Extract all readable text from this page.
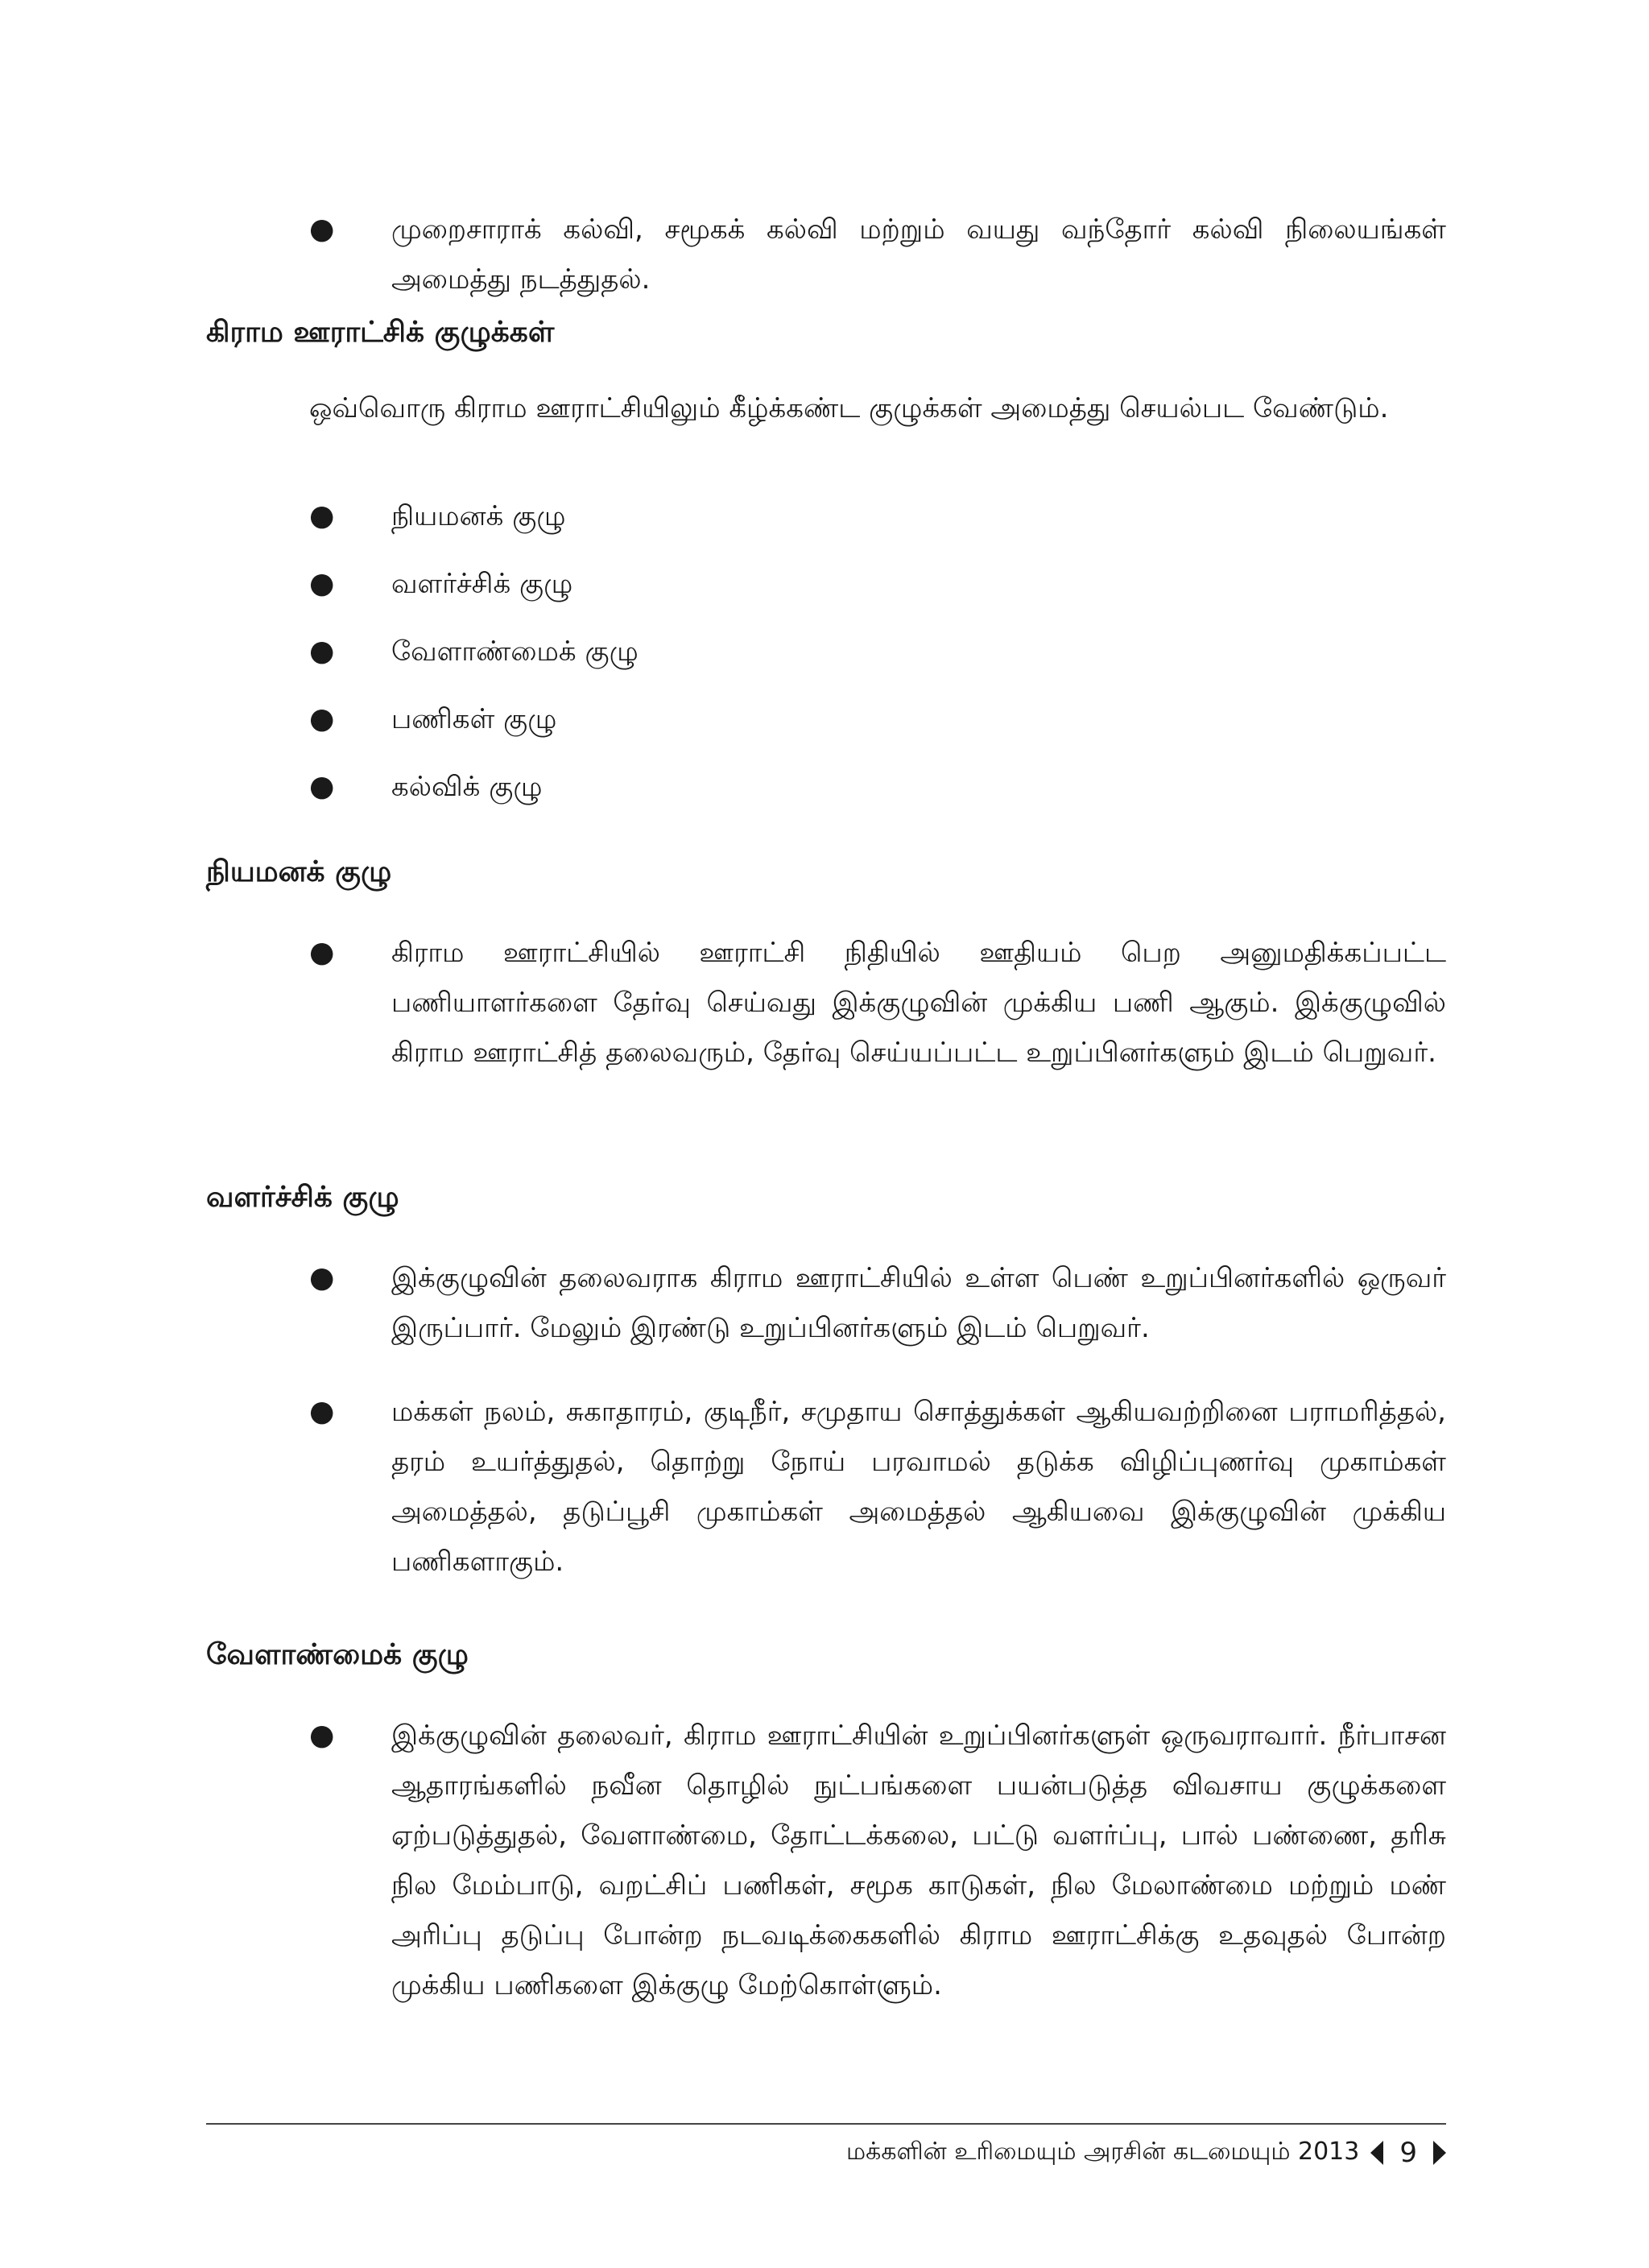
● முறைசாராக் கல்வி, சமூகக் கல்வி மற்றும் வயது வந்தோர் கல்வி நிலையங்கள் அமைத்து நடத்துதல்.
கிராம ஊராட்சிக் குழுக்கள்
ஒவ்வொரு கிராம ஊராட்சியிலும் கீழ்க்கண்ட குழுக்கள் அமைத்து செயல்பட வேண்டும்.
● நியமனக் குழு
● வளர்ச்சிக் குழு
● வேளாண்மைக் குழு
● பணிகள் குழு
● கல்விக் குழு
நியமனக் குழு
● கிராம ஊராட்சியில் ஊராட்சி நிதியில் ஊதியம் பெற அனுமதிக்கப்பட்ட பணியாளர்களை தேர்வு செய்வது இக்குழுவின் முக்கிய பணி ஆகும். இக்குழுவில் கிராம ஊராட்சித் தலைவரும், தேர்வு செய்யப்பட்ட உறுப்பினர்களும் இடம் பெறுவர்.
வளர்ச்சிக் குழு
● இக்குழுவின் தலைவராக கிராம ஊராட்சியில் உள்ள பெண் உறுப்பினர்களில் ஒருவர் இருப்பார். மேலும் இரண்டு உறுப்பினர்களும் இடம் பெறுவர்.
● மக்கள் நலம், சுகாதாரம், குடிநீர், சமுதாய சொத்துக்கள் ஆகியவற்றினை பராமரித்தல், தரம் உயர்த்துதல், தொற்று நோய் பரவாமல் தடுக்க விழிப்புணர்வு முகாம்கள் அமைத்தல், தடுப்பூசி முகாம்கள் அமைத்தல் ஆகியவை இக்குழுவின் முக்கிய பணிகளாகும்.
வேளாண்மைக் குழு
● இக்குழுவின் தலைவர், கிராம ஊராட்சியின் உறுப்பினர்களுள் ஒருவராவார். நீர்பாசன ஆதாரங்களில் நவீன தொழில் நுட்பங்களை பயன்படுத்த விவசாய குழுக்களை ஏற்படுத்துதல், வேளாண்மை, தோட்டக்கலை, பட்டு வளர்ப்பு, பால் பண்ணை, தரிசு நில மேம்பாடு, வறட்சிப் பணிகள், சமூக காடுகள், நில மேலாண்மை மற்றும் மண் அரிப்பு தடுப்பு போன்ற நடவடிக்கைகளில் கிராம ஊராட்சிக்கு உதவுதல் போன்ற முக்கிய பணிகளை இக்குழு மேற்கொள்ளும்.
மக்களின் உரிமையும் அரசின் கடமையும் 2013 9
